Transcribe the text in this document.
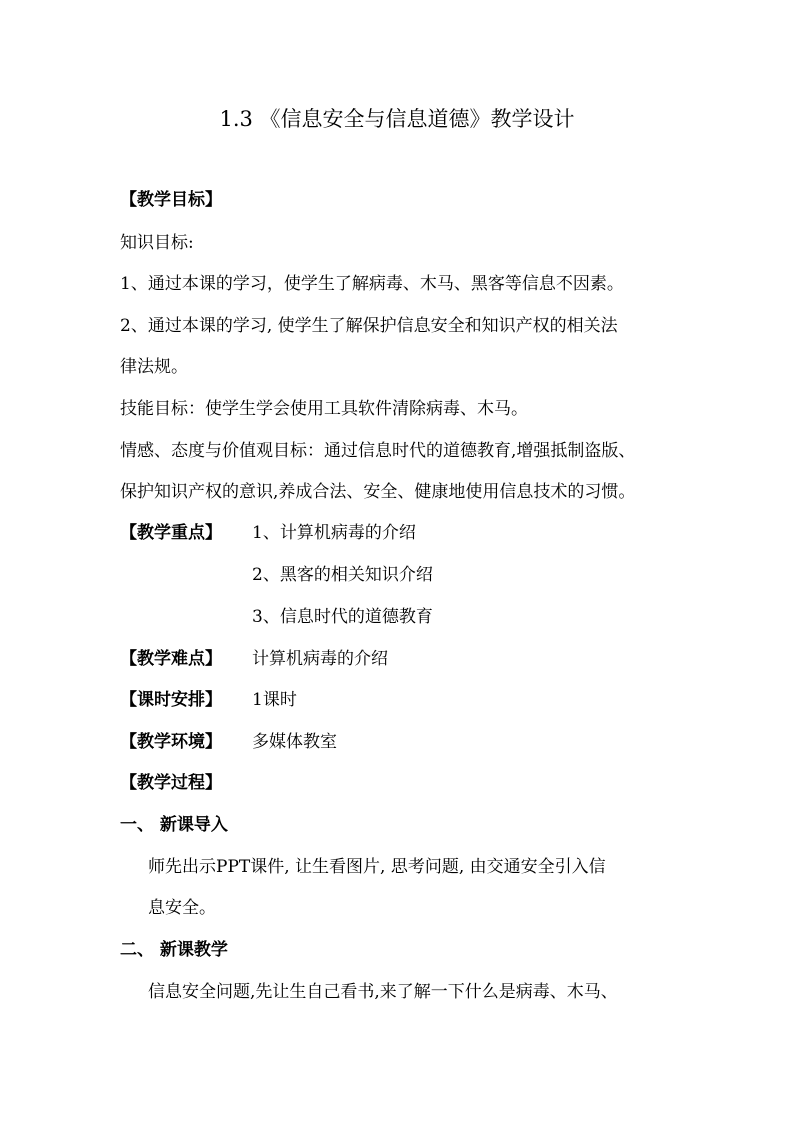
1.3 《信息安全与信息道德》教学设计
【教学目标】
知识目标:
1、通过本课的学习，使学生了解病毒、木马、黑客等信息不因素。
2、通过本课的学习, 使学生了解保护信息安全和知识产权的相关法
律法规。
技能目标：使学生学会使用工具软件清除病毒、木马。
情感、态度与价值观目标：通过信息时代的道德教育,增强抵制盗版、
保护知识产权的意识,养成合法、安全、健康地使用信息技术的习惯。
【教学重点】 1、计算机病毒的介绍
2、黑客的相关知识介绍
3、信息时代的道德教育
【教学难点】 计算机病毒的介绍
【课时安排】 1课时
【教学环境】 多媒体教室
【教学过程】
一、 新课导入
师先出示PPT课件, 让生看图片, 思考问题, 由交通安全引入信
息安全。
二、 新课教学
信息安全问题,先让生自己看书,来了解一下什么是病毒、木马、
